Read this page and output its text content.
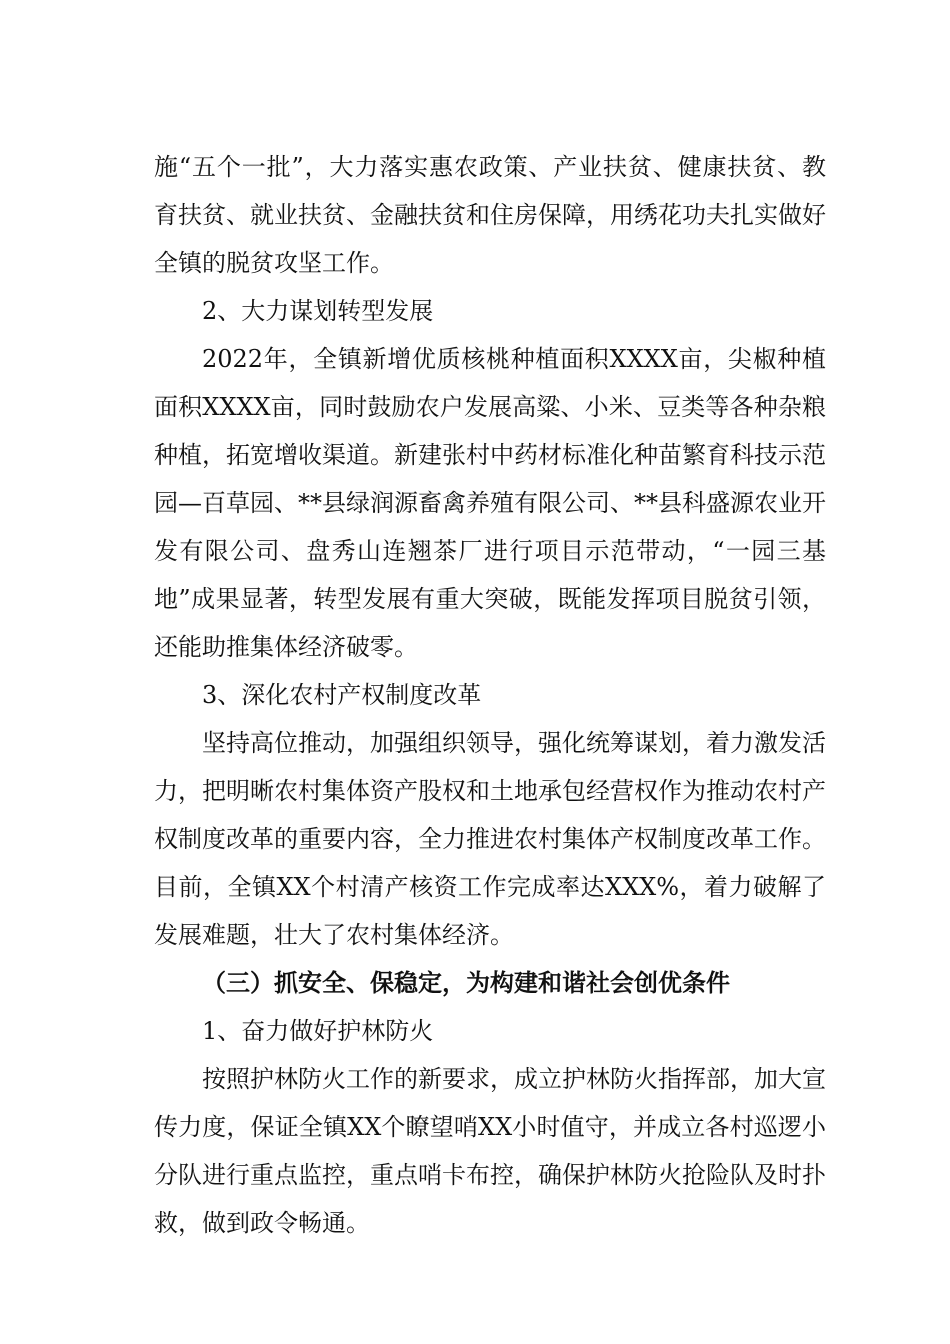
施“五个一批”，大力落实惠农政策、产业扶贫、健康扶贫、教育扶贫、就业扶贫、金融扶贫和住房保障，用绣花功夫扎实做好全镇的脱贫攻坚工作。

2、大力谋划转型发展

2022年，全镇新增优质核桃种植面积XXXX亩，尖椒种植面积XXXX亩，同时鼓励农户发展高粱、小米、豆类等各种杂粮种植，拓宽增收渠道。新建张村中药材标准化种苗繁育科技示范园—百草园、**县绿润源畜禽养殖有限公司、**县科盛源农业开发有限公司、盘秀山连翘茶厂进行项目示范带动，“一园三基地”成果显著，转型发展有重大突破，既能发挥项目脱贫引领，还能助推集体经济破零。

3、深化农村产权制度改革

坚持高位推动，加强组织领导，强化统筹谋划，着力激发活力，把明晰农村集体资产股权和土地承包经营权作为推动农村产权制度改革的重要内容，全力推进农村集体产权制度改革工作。目前，全镇XX个村清产核资工作完成率达XXX%，着力破解了发展难题，壮大了农村集体经济。

（三）抓安全、保稳定，为构建和谐社会创优条件

1、奋力做好护林防火

按照护林防火工作的新要求，成立护林防火指挥部，加大宣传力度，保证全镇XX个瞭望哨XX小时值守，并成立各村巡逻小分队进行重点监控，重点哨卡布控，确保护林防火抢险队及时扑救，做到政令畅通。
